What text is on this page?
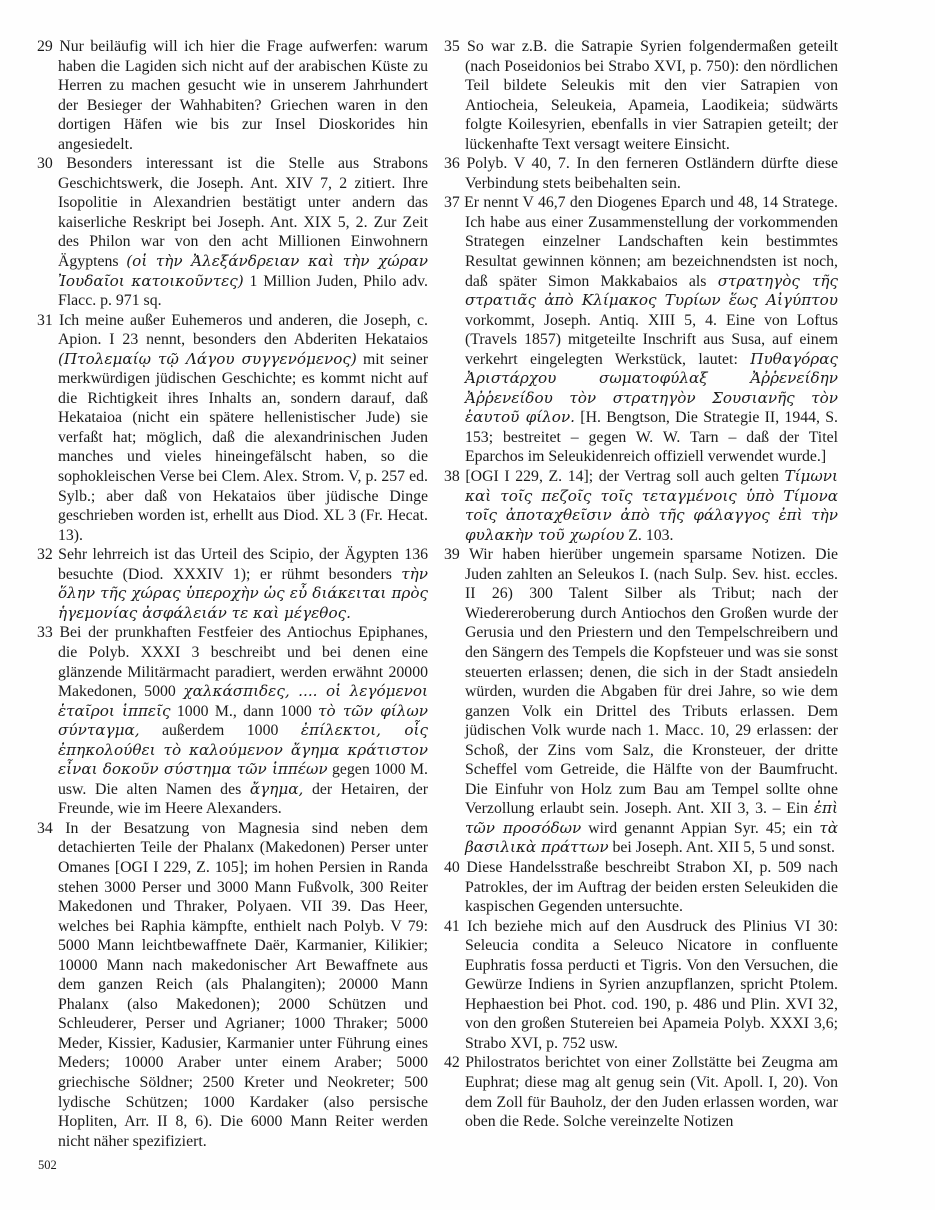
29 Nur beiläufig will ich hier die Frage aufwerfen: warum haben die Lagiden sich nicht auf der arabischen Küste zu Herren zu machen gesucht wie in unserem Jahrhundert der Besieger der Wahhabiten? Griechen waren in den dortigen Häfen wie bis zur Insel Dioskorides hin angesiedelt.
30 Besonders interessant ist die Stelle aus Strabons Geschichtswerk, die Joseph. Ant. XIV 7, 2 zitiert. Ihre Isopolitie in Alexandrien bestätigt unter andern das kaiserliche Reskript bei Joseph. Ant. XIX 5, 2. Zur Zeit des Philon war von den acht Millionen Einwohnern Ägyptens (οἱ τὴν Ἀλεξάνδρειαν καὶ τὴν χώραν Ἰουδαῖοι κατοικοῦντες) 1 Million Juden, Philo adv. Flacc. p. 971 sq.
31 Ich meine außer Euhemeros und anderen, die Joseph, c. Apion. I 23 nennt, besonders den Abderiten Hekataios (Πτολεμαίῳ τῷ Λάγου συγγενόμενος) mit seiner merkwürdigen jüdischen Geschichte; es kommt nicht auf die Richtigkeit ihres Inhalts an, sondern darauf, daß Hekataioa (nicht ein spätere hellenistischer Jude) sie verfaßt hat; möglich, daß die alexandrinischen Juden manches und vieles hineingefälscht haben, so die sophokleischen Verse bei Clem. Alex. Strom. V, p. 257 ed. Sylb.; aber daß von Hekataios über jüdische Dinge geschrieben worden ist, erhellt aus Diod. XL 3 (Fr. Hecat. 13).
32 Sehr lehrreich ist das Urteil des Scipio, der Ägypten 136 besuchte (Diod. XXXIV 1); er rühmt besonders τὴν ὅλην τῆς χώρας ὑπεροχὴν ὡς εὖ διάκειται πρὸς ἡγεμονίας ἀσφάλειάν τε καὶ μέγεθος.
33 Bei der prunkhaften Festfeier des Antiochus Epiphanes, die Polyb. XXXI 3 beschreibt und bei denen eine glänzende Militärmacht paradiert, werden erwähnt 20000 Makedonen, 5000 χαλκάσπιδες, .... οἱ λεγόμενοι ἑταῖροι ἱππεῖς 1000 M., dann 1000 τὸ τῶν φίλων σύνταγμα, außerdem 1000 ἐπίλεκτοι, οἷς ἐπηκολούθει τὸ καλούμενον ἄγημα κράτιστον εἶναι δοκοῦν σύστημα τῶν ἱππέων gegen 1000 M. usw. Die alten Namen des ἄγημα, der Hetairen, der Freunde, wie im Heere Alexanders.
34 In der Besatzung von Magnesia sind neben dem detachierten Teile der Phalanx (Makedonen) Perser unter Omanes [OGI I 229, Z. 105]; im hohen Persien in Randa stehen 3000 Perser und 3000 Mann Fußvolk, 300 Reiter Makedonen und Thraker, Polyaen. VII 39. Das Heer, welches bei Raphia kämpfte, enthielt nach Polyb. V 79: 5000 Mann leichtbewaffnete Daër, Karmanier, Kilikier; 10000 Mann nach makedonischer Art Bewaffnete aus dem ganzen Reich (als Phalangiten); 20000 Mann Phalanx (also Makedonen); 2000 Schützen und Schleuderer, Perser und Agrianer; 1000 Thraker; 5000 Meder, Kissier, Kadusier, Karmanier unter Führung eines Meders; 10000 Araber unter einem Araber; 5000 griechische Söldner; 2500 Kreter und Neokreter; 500 lydische Schützen; 1000 Kardaker (also persische Hopliten, Arr. II 8, 6). Die 6000 Mann Reiter werden nicht näher spezifiziert.
35 So war z.B. die Satrapie Syrien folgendermaßen geteilt (nach Poseidonios bei Strabo XVI, p. 750): den nördlichen Teil bildete Seleukis mit den vier Satrapien von Antiocheia, Seleukeia, Apameia, Laodikeia; südwärts folgte Koilesyrien, ebenfalls in vier Satrapien geteilt; der lückenhafte Text versagt weitere Einsicht.
36 Polyb. V 40, 7. In den ferneren Ostländern dürfte diese Verbindung stets beibehalten sein.
37 Er nennt V 46,7 den Diogenes Eparch und 48, 14 Stratege. Ich habe aus einer Zusammenstellung der vorkommenden Strategen einzelner Landschaften kein bestimmtes Resultat gewinnen können; am bezeichnendsten ist noch, daß später Simon Makkabaios als στρατηγὸς τῆς στρατιᾶς ἀπὸ Κλίμακος Τυρίων ἕως Αἰγύπτου vorkommt, Joseph. Antiq. XIII 5, 4. Eine von Loftus (Travels 1857) mitgeteilte Inschrift aus Susa, auf einem verkehrt eingelegten Werkstück, lautet: Πυθαγόρας Ἀριστάρχου σωματοφύλαξ Ἀῤῥενείδην Ἀῤῥενείδου τὸν στρατηγὸν Σουσιανῆς τὸν ἑαυτοῦ φίλον. [H. Bengtson, Die Strategie II, 1944, S. 153; bestreitet – gegen W. W. Tarn – daß der Titel Eparchos im Seleukidenreich offiziell verwendet wurde.]
38 [OGI I 229, Z. 14]; der Vertrag soll auch gelten Τίμωνι καὶ τοῖς πεζοῖς τοῖς τεταγμένοις ὑπὸ Τίμονα τοῖς ἀποταχθεῖσιν ἀπὸ τῆς φάλαγγος ἐπὶ τὴν φυλακὴν τοῦ χωρίου Z. 103.
39 Wir haben hierüber ungemein sparsame Notizen. Die Juden zahlten an Seleukos I. (nach Sulp. Sev. hist. eccles. II 26) 300 Talent Silber als Tribut; nach der Wiedereroberung durch Antiochos den Großen wurde der Gerusia und den Priestern und den Tempelschreibern und den Sängern des Tempels die Kopfsteuer und was sie sonst steuerten erlassen; denen, die sich in der Stadt ansiedeln würden, wurden die Abgaben für drei Jahre, so wie dem ganzen Volk ein Drittel des Tributs erlassen. Dem jüdischen Volk wurde nach 1. Macc. 10, 29 erlassen: der Schoß, der Zins vom Salz, die Kronsteuer, der dritte Scheffel vom Getreide, die Hälfte von der Baumfrucht. Die Einfuhr von Holz zum Bau am Tempel sollte ohne Verzollung erlaubt sein. Joseph. Ant. XII 3, 3. – Ein ἐπὶ τῶν προσόδων wird genannt Appian Syr. 45; ein τὰ βασιλικὰ πράττων bei Joseph. Ant. XII 5, 5 und sonst.
40 Diese Handelsstraße beschreibt Strabon XI, p. 509 nach Patrokles, der im Auftrag der beiden ersten Seleukiden die kaspischen Gegenden untersuchte.
41 Ich beziehe mich auf den Ausdruck des Plinius VI 30: Seleucia condita a Seleuco Nicatore in confluente Euphratis fossa perducti et Tigris. Von den Versuchen, die Gewürze Indiens in Syrien anzupflanzen, spricht Ptolem. Hephaestion bei Phot. cod. 190, p. 486 und Plin. XVI 32, von den großen Stutereien bei Apameia Polyb. XXXI 3,6; Strabo XVI, p. 752 usw.
42 Philostratos berichtet von einer Zollstätte bei Zeugma am Euphrat; diese mag alt genug sein (Vit. Apoll. I, 20). Von dem Zoll für Bauholz, der den Juden erlassen worden, war oben die Rede. Solche vereinzelte Notizen
502
